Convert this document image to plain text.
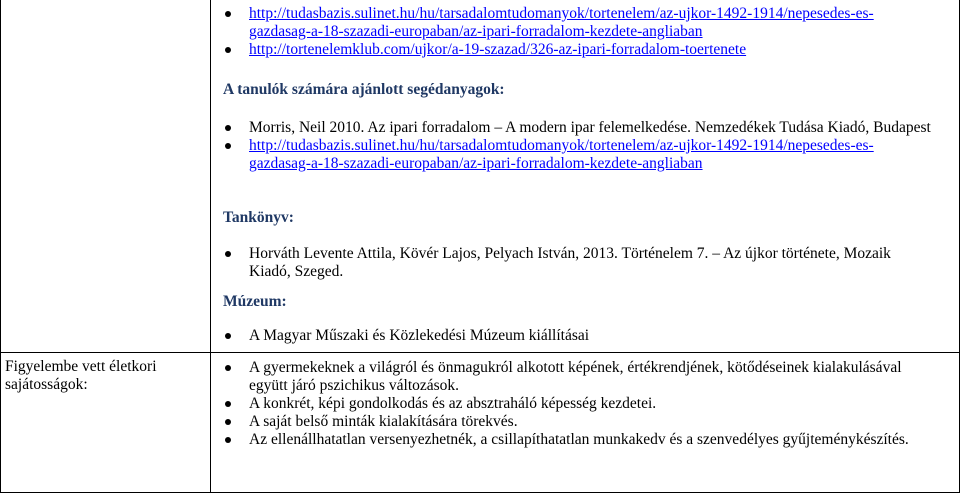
http://tudasbazis.sulinet.hu/hu/tarsadalomtudomanyok/tortenelem/az-ujkor-1492-1914/nepesedes-es-gazdasag-a-18-szazadi-europaban/az-ipari-forradalom-kezdete-angliaban
http://tortenelemklub.com/ujkor/a-19-szazad/326-az-ipari-forradalom-toertenete
A tanulók számára ajánlott segédanyagok:
Morris, Neil 2010. Az ipari forradalom – A modern ipar felemelkedése. Nemzedékek Tudása Kiadó, Budapest
http://tudasbazis.sulinet.hu/hu/tarsadalomtudomanyok/tortenelem/az-ujkor-1492-1914/nepesedes-es-gazdasag-a-18-szazadi-europaban/az-ipari-forradalom-kezdete-angliaban
Tankönyv:
Horváth Levente Attila, Kövér Lajos, Pelyach István, 2013. Történelem 7. – Az újkor története, Mozaik Kiadó, Szeged.
Múzeum:
A Magyar Műszaki és Közlekedési Múzeum kiállításai
Figyelembe vett életkori sajátosságok:
A gyermekeknek a világról és önmagukról alkotott képének, értékrendjének, kötődéseinek kialakulásával együtt járó pszichikus változások.
A konkrét, képi gondolkodás és az absztraháló képesség kezdetei.
A saját belső minták kialakítására törekvés.
Az ellenállhatatlan versenyezhetnék, a csillapíthatatlan munkakedv és a szenvedélyes gyűjteménykészítés.
